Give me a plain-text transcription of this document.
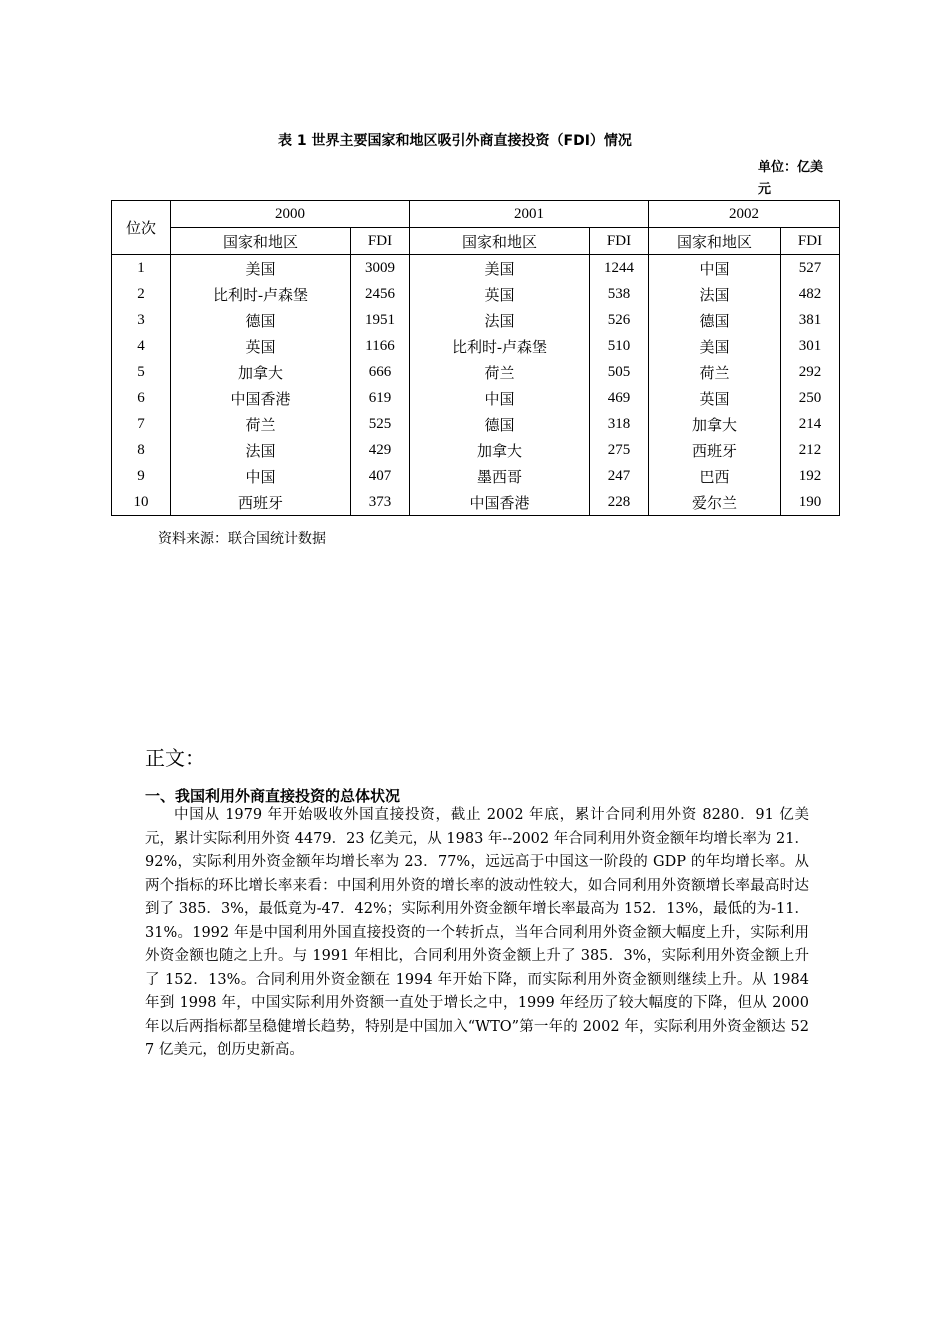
表 1 世界主要国家和地区吸引外商直接投资（FDI）情况
单位：亿美元
位次	2000		2001		2002	
	国家和地区	FDI	国家和地区	FDI	国家和地区	FDI
1	美国	3009	美国	1244	中国	527
2	比利时-卢森堡	2456	英国	538	法国	482
3	德国	1951	法国	526	德国	381
4	英国	1166	比利时-卢森堡	510	美国	301
5	加拿大	666	荷兰	505	荷兰	292
6	中国香港	619	中国	469	英国	250
7	荷兰	525	德国	318	加拿大	214
8	法国	429	加拿大	275	西班牙	212
9	中国	407	墨西哥	247	巴西	192
10	西班牙	373	中国香港	228	爱尔兰	190
资料来源：联合国统计数据
正文：
一、我国利用外商直接投资的总体状况

中国从 1979 年开始吸收外国直接投资，截止 2002 年底，累计合同利用外资 8280．91 亿美元，累计实际利用外资 4479．23 亿美元，从 1983 年--2002 年合同利用外资金额年均增长率为 21．92%，实际利用外资金额年均增长率为 23．77%，远远高于中国这一阶段的 GDP 的年均增长率。从两个指标的环比增长率来看：中国利用外资的增长率的波动性较大，如合同利用外资额增长率最高时达到了 385．3%，最低竟为-47．42%；实际利用外资金额年增长率最高为 152．13%，最低的为-11．31%。1992 年是中国利用外国直接投资的一个转折点，当年合同利用外资金额大幅度上升，实际利用外资金额也随之上升。与 1991 年相比，合同利用外资金额上升了 385．3%，实际利用外资金额上升了 152．13%。合同利用外资金额在 1994 年开始下降，而实际利用外资金额则继续上升。从 1984 年到 1998 年，中国实际利用外资额一直处于增长之中，1999 年经历了较大幅度的下降，但从 2000 年以后两指标都呈稳健增长趋势，特别是中国加入“WTO”第一年的 2002 年，实际利用外资金额达 527 亿美元，创历史新高。
